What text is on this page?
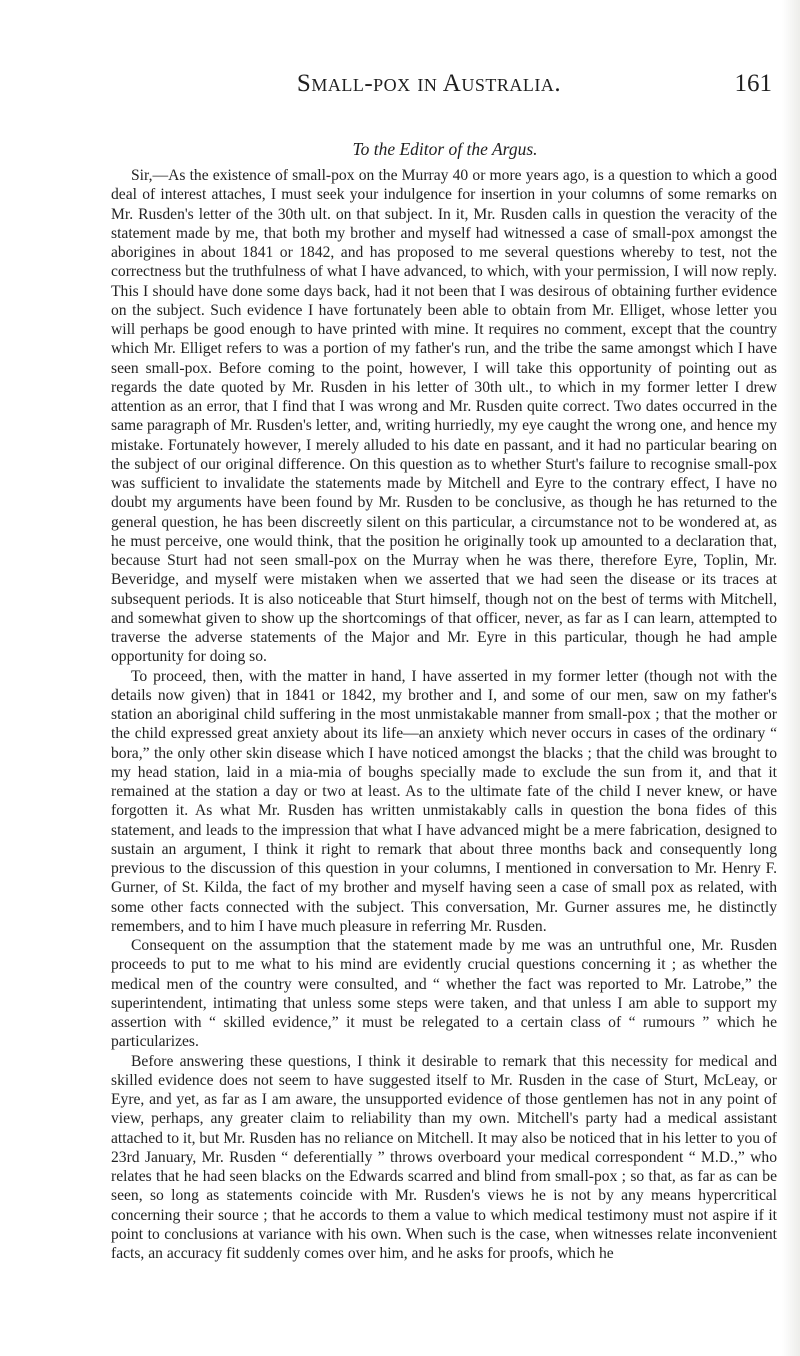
Small-pox in Australia.	161
To the Editor of the Argus.

Sir,—As the existence of small-pox on the Murray 40 or more years ago, is a question to which a good deal of interest attaches, I must seek your indulgence for insertion in your columns of some remarks on Mr. Rusden's letter of the 30th ult. on that subject. In it, Mr. Rusden calls in question the veracity of the statement made by me, that both my brother and myself had witnessed a case of small-pox amongst the aborigines in about 1841 or 1842, and has proposed to me several questions whereby to test, not the correctness but the truthfulness of what I have advanced, to which, with your permission, I will now reply. This I should have done some days back, had it not been that I was desirous of obtaining further evidence on the subject. Such evidence I have fortunately been able to obtain from Mr. Elliget, whose letter you will perhaps be good enough to have printed with mine. It requires no comment, except that the country which Mr. Elliget refers to was a portion of my father's run, and the tribe the same amongst which I have seen small-pox. Before coming to the point, however, I will take this opportunity of pointing out as regards the date quoted by Mr. Rusden in his letter of 30th ult., to which in my former letter I drew attention as an error, that I find that I was wrong and Mr. Rusden quite correct. Two dates occurred in the same paragraph of Mr. Rusden's letter, and, writing hurriedly, my eye caught the wrong one, and hence my mistake. Fortunately however, I merely alluded to his date en passant, and it had no particular bearing on the subject of our original difference. On this question as to whether Sturt's failure to recognise small-pox was sufficient to invalidate the statements made by Mitchell and Eyre to the contrary effect, I have no doubt my arguments have been found by Mr. Rusden to be conclusive, as though he has returned to the general question, he has been discreetly silent on this particular, a circumstance not to be wondered at, as he must perceive, one would think, that the position he originally took up amounted to a declaration that, because Sturt had not seen small-pox on the Murray when he was there, therefore Eyre, Toplin, Mr. Beveridge, and myself were mistaken when we asserted that we had seen the disease or its traces at subsequent periods. It is also noticeable that Sturt himself, though not on the best of terms with Mitchell, and somewhat given to show up the shortcomings of that officer, never, as far as I can learn, attempted to traverse the adverse statements of the Major and Mr. Eyre in this particular, though he had ample opportunity for doing so.

To proceed, then, with the matter in hand, I have asserted in my former letter (though not with the details now given) that in 1841 or 1842, my brother and I, and some of our men, saw on my father's station an aboriginal child suffering in the most unmistakable manner from small-pox ; that the mother or the child expressed great anxiety about its life—an anxiety which never occurs in cases of the ordinary “ bora,” the only other skin disease which I have noticed amongst the blacks ; that the child was brought to my head station, laid in a mia-mia of boughs specially made to exclude the sun from it, and that it remained at the station a day or two at least. As to the ultimate fate of the child I never knew, or have forgotten it. As what Mr. Rusden has written unmistakably calls in question the bona fides of this statement, and leads to the impression that what I have advanced might be a mere fabrication, designed to sustain an argument, I think it right to remark that about three months back and consequently long previous to the discussion of this question in your columns, I mentioned in conversation to Mr. Henry F. Gurner, of St. Kilda, the fact of my brother and myself having seen a case of small pox as related, with some other facts connected with the subject. This conversation, Mr. Gurner assures me, he distinctly remembers, and to him I have much pleasure in referring Mr. Rusden.

Consequent on the assumption that the statement made by me was an untruthful one, Mr. Rusden proceeds to put to me what to his mind are evidently crucial questions concerning it ; as whether the medical men of the country were consulted, and “ whether the fact was reported to Mr. Latrobe,” the superintendent, intimating that unless some steps were taken, and that unless I am able to support my assertion with “ skilled evidence,” it must be relegated to a certain class of “ rumours ” which he particularizes.

Before answering these questions, I think it desirable to remark that this necessity for medical and skilled evidence does not seem to have suggested itself to Mr. Rusden in the case of Sturt, McLeay, or Eyre, and yet, as far as I am aware, the unsupported evidence of those gentlemen has not in any point of view, perhaps, any greater claim to reliability than my own. Mitchell's party had a medical assistant attached to it, but Mr. Rusden has no reliance on Mitchell. It may also be noticed that in his letter to you of 23rd January, Mr. Rusden “ deferentially ” throws overboard your medical correspondent “ M.D.,” who relates that he had seen blacks on the Edwards scarred and blind from small-pox ; so that, as far as can be seen, so long as statements coincide with Mr. Rusden's views he is not by any means hypercritical concerning their source ; that he accords to them a value to which medical testimony must not aspire if it point to conclusions at variance with his own. When such is the case, when witnesses relate inconvenient facts, an accuracy fit suddenly comes over him, and he asks for proofs, which he
